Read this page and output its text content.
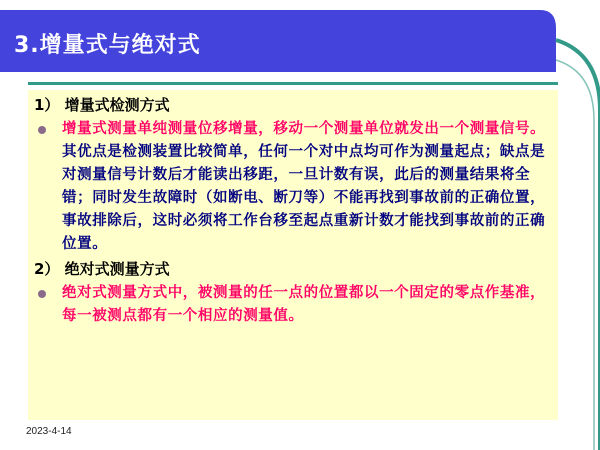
3.增量式与绝对式
1） 增量式检测方式
增量式测量单纯测量位移增量，移动一个测量单位就发出一个测量信号。其优点是检测装置比较简单，任何一个对中点均可作为测量起点；缺点是对测量信号计数后才能读出移距，一旦计数有误，此后的测量结果将全错；同时发生故障时（如断电、断刀等）不能再找到事故前的正确位置，事故排除后，这时必须将工作台移至起点重新计数才能找到事故前的正确位置。
2） 绝对式测量方式
绝对式测量方式中，被测量的任一点的位置都以一个固定的零点作基准，每一被测点都有一个相应的测量值。
2023-4-14
